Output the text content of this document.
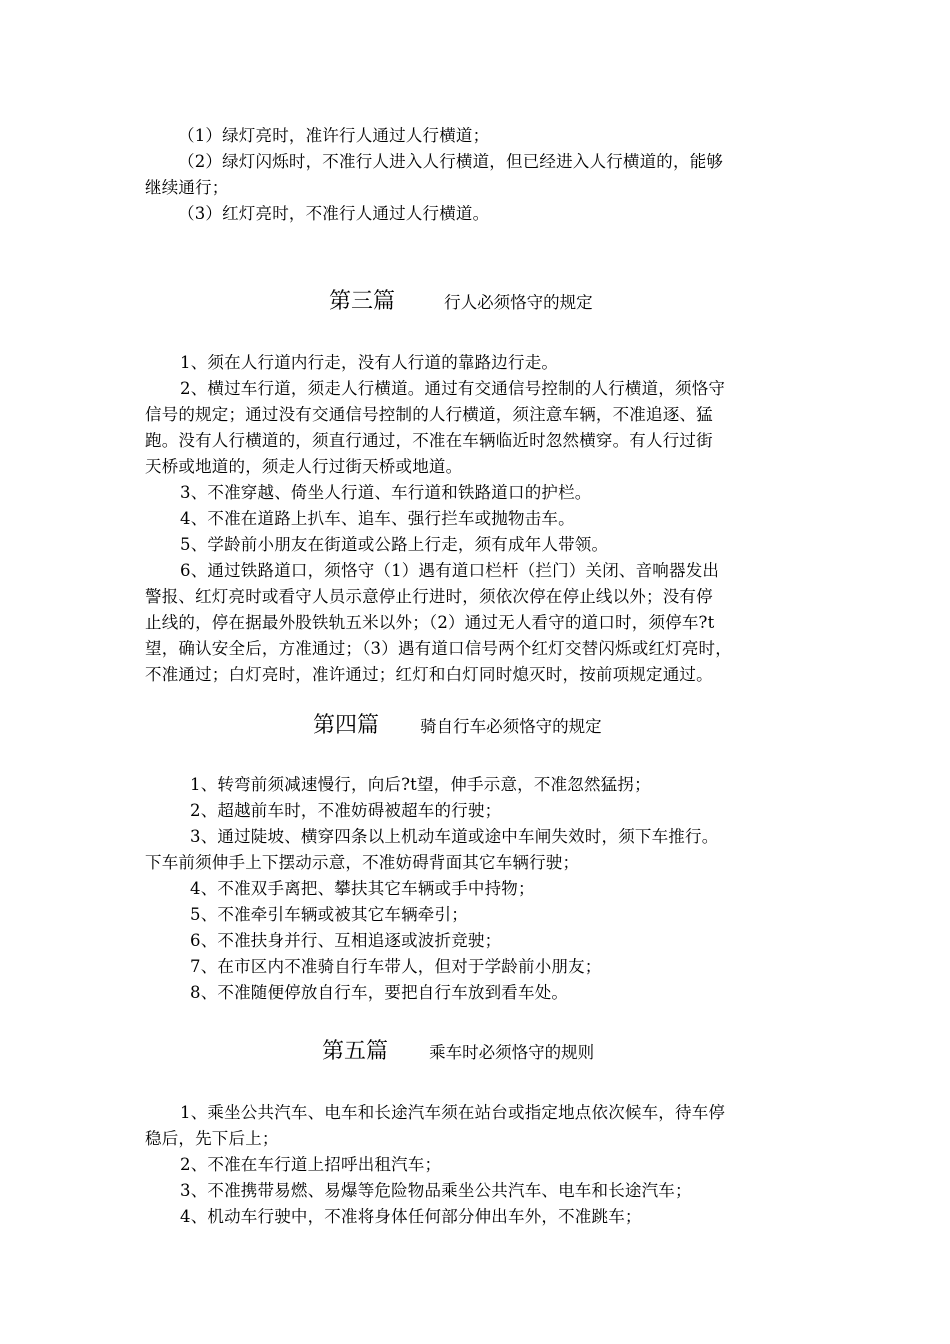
（1）绿灯亮时，准许行人通过人行横道；
（2）绿灯闪烁时，不准行人进入人行横道，但已经进入人行横道的，能够
继续通行；
（3）红灯亮时，不准行人通过人行横道。
第三篇	行人必须恪守的规定
1、须在人行道内行走，没有人行道的靠路边行走。
2、横过车行道，须走人行横道。通过有交通信号控制的人行横道，须恪守
信号的规定；通过没有交通信号控制的人行横道，须注意车辆，不准追逐、猛
跑。没有人行横道的，须直行通过，不准在车辆临近时忽然横穿。有人行过街
天桥或地道的，须走人行过街天桥或地道。
3、不准穿越、倚坐人行道、车行道和铁路道口的护栏。
4、不准在道路上扒车、追车、强行拦车或抛物击车。
5、学龄前小朋友在街道或公路上行走，须有成年人带领。
6、通过铁路道口，须恪守（1）遇有道口栏杆（拦门）关闭、音响器发出
警报、红灯亮时或看守人员示意停止行进时，须依次停在停止线以外；没有停
止线的，停在据最外股铁轨五米以外；（2）通过无人看守的道口时，须停车?t
望，确认安全后，方准通过；（3）遇有道口信号两个红灯交替闪烁或红灯亮时，
不准通过；白灯亮时，准许通过；红灯和白灯同时熄灭时，按前项规定通过。
第四篇 骑自行车必须恪守的规定
1、转弯前须减速慢行，向后?t望，伸手示意，不准忽然猛拐；
2、超越前车时，不准妨碍被超车的行驶；
3、通过陡坡、横穿四条以上机动车道或途中车闸失效时，须下车推行。
下车前须伸手上下摆动示意，不准妨碍背面其它车辆行驶；
4、不准双手离把、攀扶其它车辆或手中持物；
5、不准牵引车辆或被其它车辆牵引；
6、不准扶身并行、互相追逐或波折竞驶；
7、在市区内不准骑自行车带人，但对于学龄前小朋友；
8、不准随便停放自行车，要把自行车放到看车处。
第五篇 乘车时必须恪守的规则
1、乘坐公共汽车、电车和长途汽车须在站台或指定地点依次候车，待车停
稳后，先下后上；
2、不准在车行道上招呼出租汽车；
3、不准携带易燃、易爆等危险物品乘坐公共汽车、电车和长途汽车；
4、机动车行驶中，不准将身体任何部分伸出车外，不准跳车；
